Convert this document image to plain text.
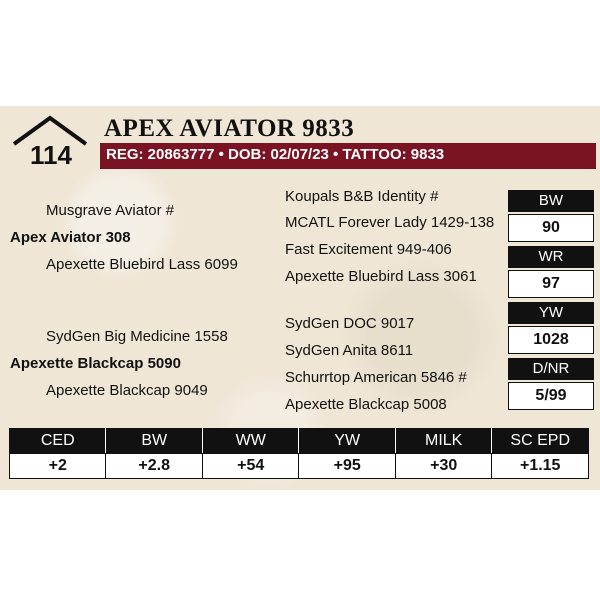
114
APEX AVIATOR 9833
REG: 20863777 • DOB: 02/07/23 • TATTOO: 9833
Musgrave Aviator #
Apex Aviator 308
Apexette Bluebird Lass 6099
Koupals B&B Identity #
MCATL Forever Lady 1429-138
Fast Excitement 949-406
Apexette Bluebird Lass 3061
SydGen Big Medicine 1558
Apexette Blackcap 5090
Apexette Blackcap 9049
SydGen DOC 9017
SydGen Anita 8611
Schurrtop American 5846 #
Apexette Blackcap 5008
BW
90
WR
97
YW
1028
D/NR
5/99
CED	BW	WW	YW	MILK	SC EPD
+2	+2.8	+54	+95	+30	+1.15
